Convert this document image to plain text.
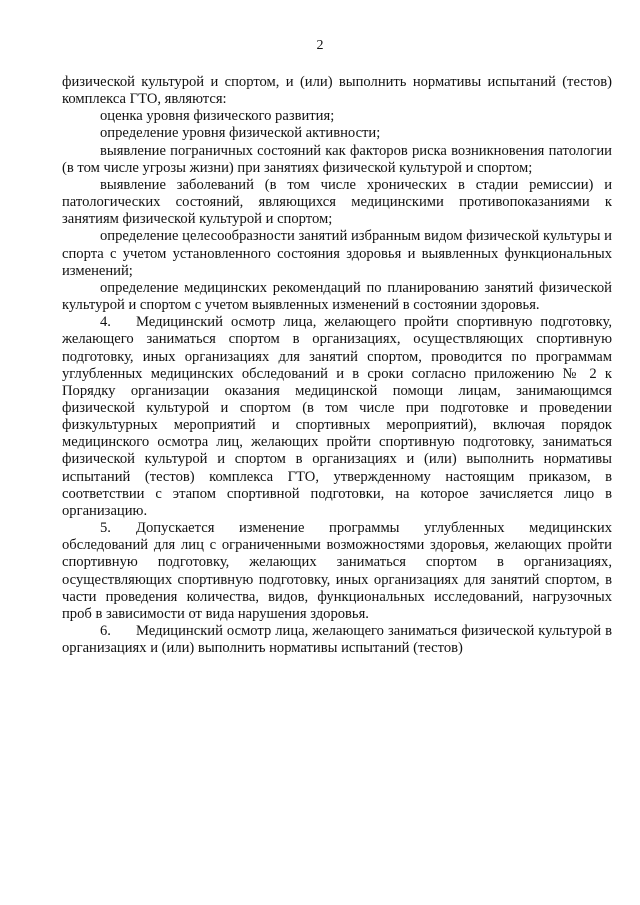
2

физической культурой и спортом, и (или) выполнить нормативы испытаний (тестов) комплекса ГТО, являются:

оценка уровня физического развития;

определение уровня физической активности;

выявление пограничных состояний как факторов риска возникновения патологии (в том числе угрозы жизни) при занятиях физической культурой и спортом;

выявление заболеваний (в том числе хронических в стадии ремиссии) и патологических состояний, являющихся медицинскими противопоказаниями к занятиям физической культурой и спортом;

определение целесообразности занятий избранным видом физической культуры и спорта с учетом установленного состояния здоровья и выявленных функциональных изменений;

определение медицинских рекомендаций по планированию занятий физической культурой и спортом с учетом выявленных изменений в состоянии здоровья.

4. Медицинский осмотр лица, желающего пройти спортивную подготовку, желающего заниматься спортом в организациях, осуществляющих спортивную подготовку, иных организациях для занятий спортом, проводится по программам углубленных медицинских обследований и в сроки согласно приложению № 2 к Порядку организации оказания медицинской помощи лицам, занимающимся физической культурой и спортом (в том числе при подготовке и проведении физкультурных мероприятий и спортивных мероприятий), включая порядок медицинского осмотра лиц, желающих пройти спортивную подготовку, заниматься физической культурой и спортом в организациях и (или) выполнить нормативы испытаний (тестов) комплекса ГТО, утвержденному настоящим приказом, в соответствии с этапом спортивной подготовки, на которое зачисляется лицо в организацию.

5. Допускается изменение программы углубленных медицинских обследований для лиц с ограниченными возможностями здоровья, желающих пройти спортивную подготовку, желающих заниматься спортом в организациях, осуществляющих спортивную подготовку, иных организациях для занятий спортом, в части проведения количества, видов, функциональных исследований, нагрузочных проб в зависимости от вида нарушения здоровья.

6. Медицинский осмотр лица, желающего заниматься физической культурой в организациях и (или) выполнить нормативы испытаний (тестов)
